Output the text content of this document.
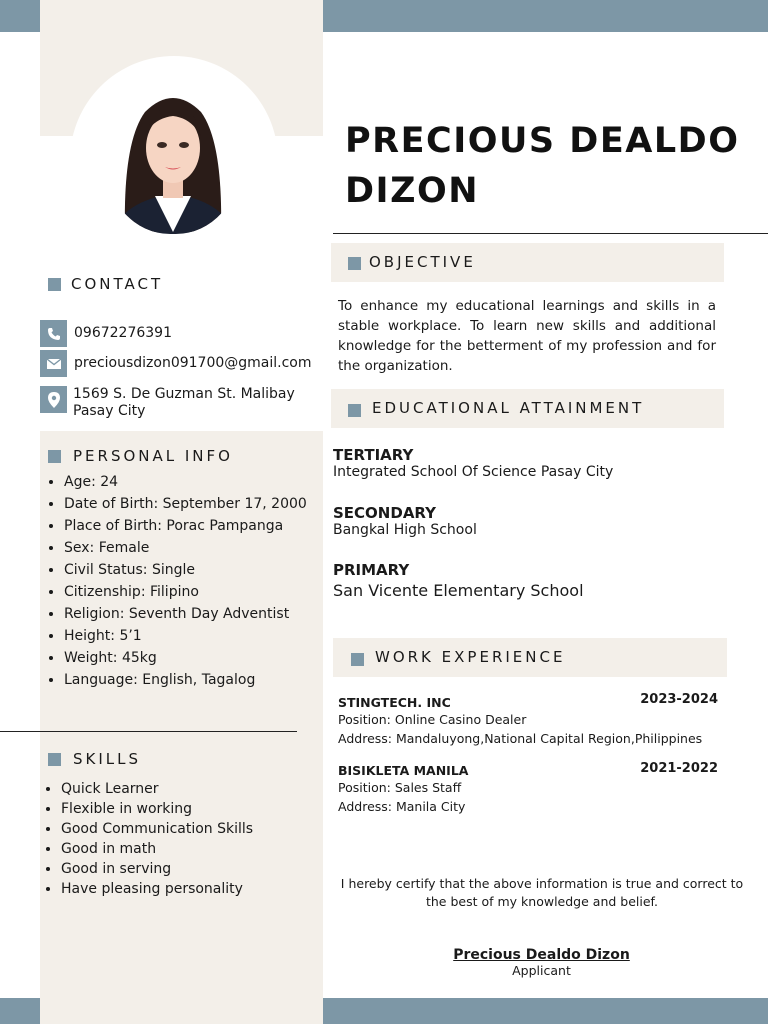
CONTACT
09672276391
preciousdizon091700@gmail.com
1569 S. De Guzman St. Malibay Pasay City
PERSONAL INFO
• Age: 24
• Date of Birth: September 17, 2000
• Place of Birth: Porac Pampanga
• Sex: Female
• Civil Status: Single
• Citizenship: Filipino
• Religion: Seventh Day Adventist
• Height: 5’1
• Weight: 45kg
• Language: English, Tagalog
SKILLS
• Quick Learner
• Flexible in working
• Good Communication Skills
• Good in math
• Good in serving
• Have pleasing personality
PRECIOUS DEALDO
DIZON
OBJECTIVE
To enhance my educational learnings and skills in a stable workplace. To learn new skills and additional knowledge for the betterment of my profession and for the organization.
EDUCATIONAL ATTAINMENT
TERTIARY
Integrated School Of Science Pasay City
SECONDARY
Bangkal High School
PRIMARY
San Vicente Elementary School
WORK EXPERIENCE
STINGTECH. INC	2023-2024
Position: Online Casino Dealer
Address: Mandaluyong,National Capital Region,Philippines
BISIKLETA MANILA	2021-2022
Position: Sales Staff
Address: Manila City
I hereby certify that the above information is true and correct to the best of my knowledge and belief.
Precious Dealdo Dizon
Applicant
